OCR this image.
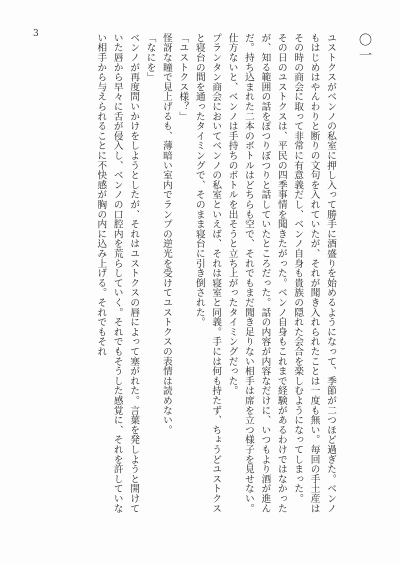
3	〇一

ユストクスがベンノの私室に押し入って勝手に酒盛りを始めるようになって、季節が二つほど過ぎた。ベンノもはじめはやんわりと断りの文句を入れていたが、それが聞き入れられたことは一度も無い。毎回の手土産はその時の商会に取って非常に有意義だし、ベンノ自身も貴族の隠れた会合を楽しむようになってしまった。

その日のユストクスは、平民の四季事情を聞きたがった。ベンノ自身もこれまで経験があるわけではなかったが、知る範囲の話をぽつりぽつりと話していたところだった。話の内容が内容なだけに、いつもより酒が進んだ。持ち込まれた二本のボトルはどちらも空で、それでもまだ聞き足りない相手は席を立つ様子を見せない。仕方ないと、ベンノは手持ちのボトルを出そうと立ち上がったタイミングだった。

プランタン商会においてベンノの私室といえば、それは寝室と同義。手には何も持たず、ちょうどユストクスと寝台の間を通ったタイミングで、そのまま寝台に引き倒された。

「ユストクス様？」

怪訝な瞳で見上げるも、薄暗い室内でランプの逆光を受けてユストクスの表情は読めない。

「なにを」

ベンノが再度問いかけをしようとしたが、それはユストクスの唇によって塞がれた。言葉を発しようと開けていた唇から早々に舌が侵入し、ベンノの口腔内を荒らしていく。それでもそうした感覚に、それを許していない相手から与えられることに不快感が胸の内に込み上げる。それでもそれ
